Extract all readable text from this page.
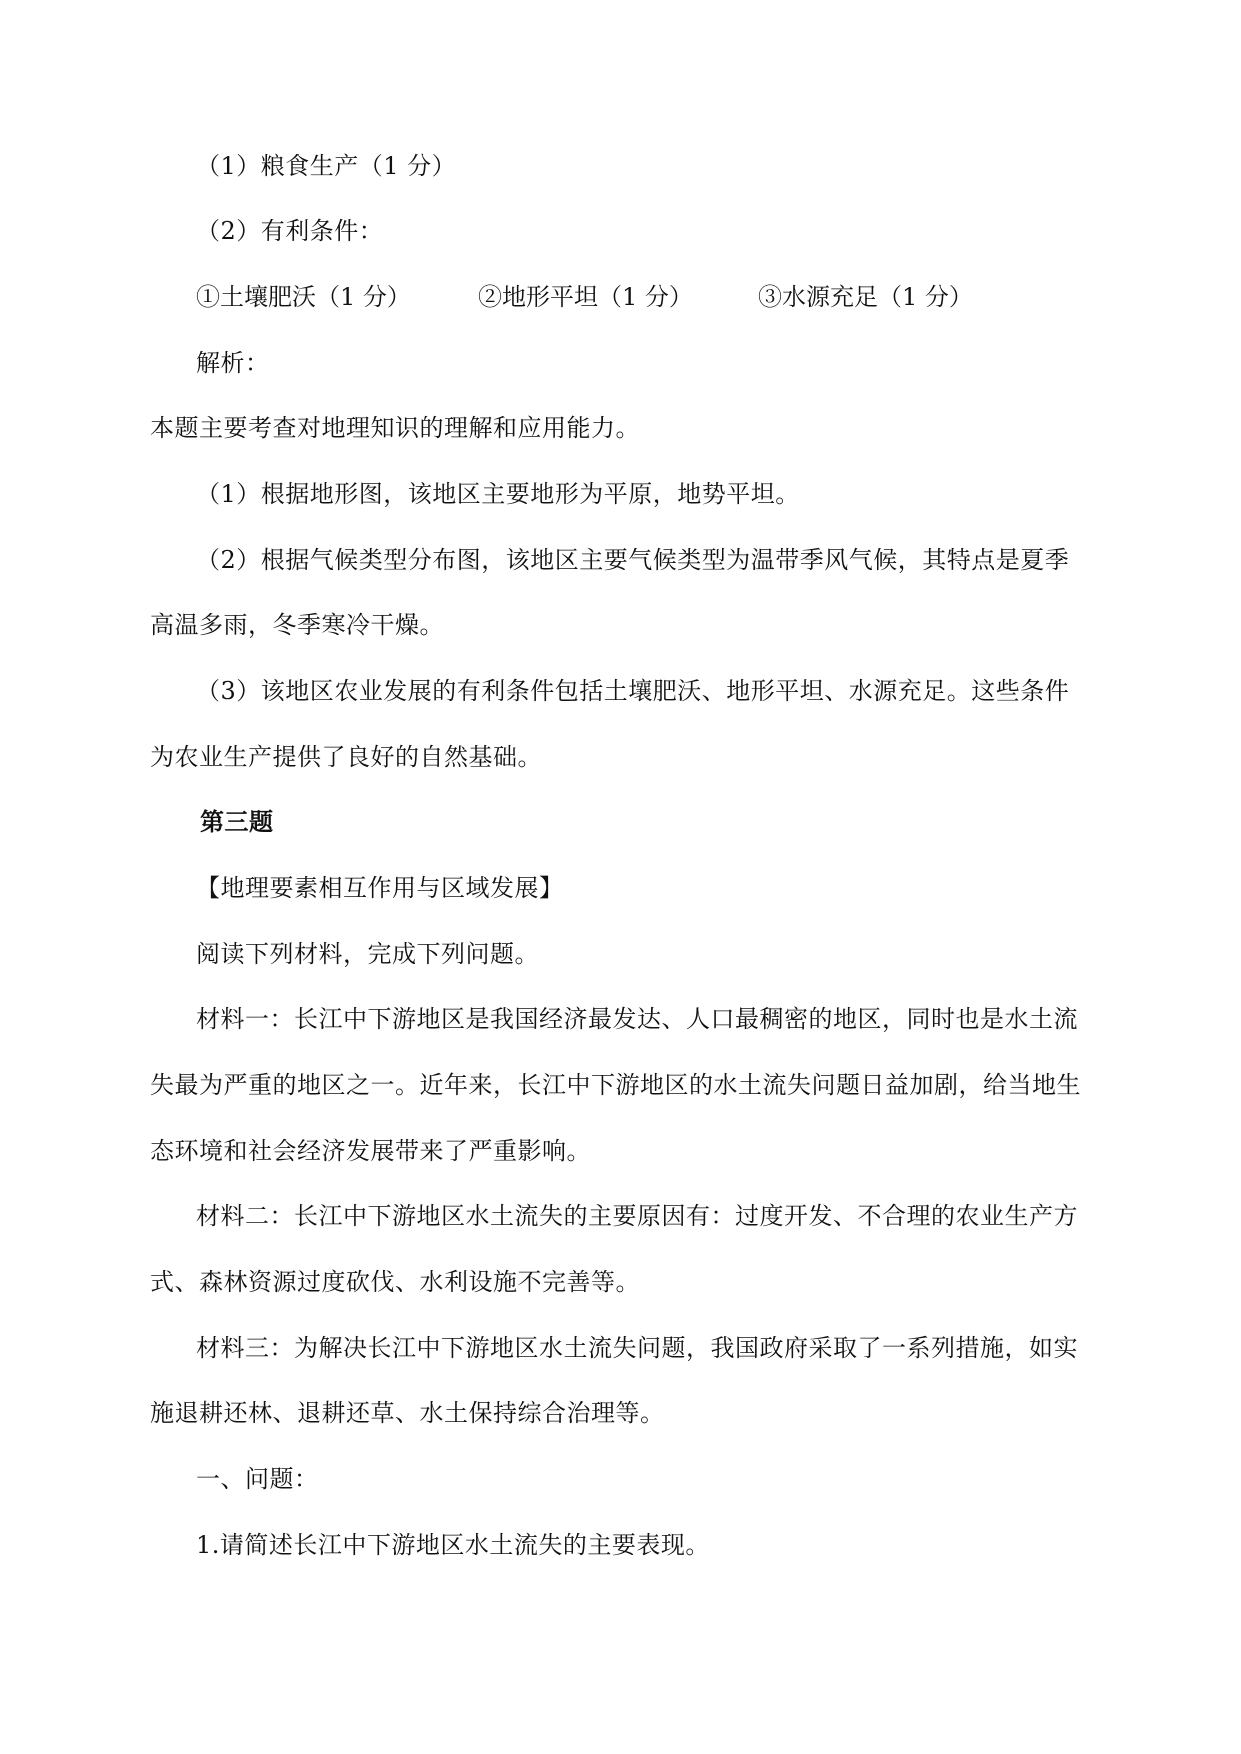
（1）粮食生产（1 分）
（2）有利条件：
①土壤肥沃（1 分）	②地形平坦（1 分）	③水源充足（1 分）
解析：
本题主要考查对地理知识的理解和应用能力。
（1）根据地形图，该地区主要地形为平原，地势平坦。
（2）根据气候类型分布图，该地区主要气候类型为温带季风气候，其特点是夏季
高温多雨，冬季寒冷干燥。
（3）该地区农业发展的有利条件包括土壤肥沃、地形平坦、水源充足。这些条件
为农业生产提供了良好的自然基础。
第三题
【地理要素相互作用与区域发展】
阅读下列材料，完成下列问题。
材料一：长江中下游地区是我国经济最发达、人口最稠密的地区，同时也是水土流
失最为严重的地区之一。近年来，长江中下游地区的水土流失问题日益加剧，给当地生
态环境和社会经济发展带来了严重影响。
材料二：长江中下游地区水土流失的主要原因有：过度开发、不合理的农业生产方
式、森林资源过度砍伐、水利设施不完善等。
材料三：为解决长江中下游地区水土流失问题，我国政府采取了一系列措施，如实
施退耕还林、退耕还草、水土保持综合治理等。
一、问题：
1.请简述长江中下游地区水土流失的主要表现。
